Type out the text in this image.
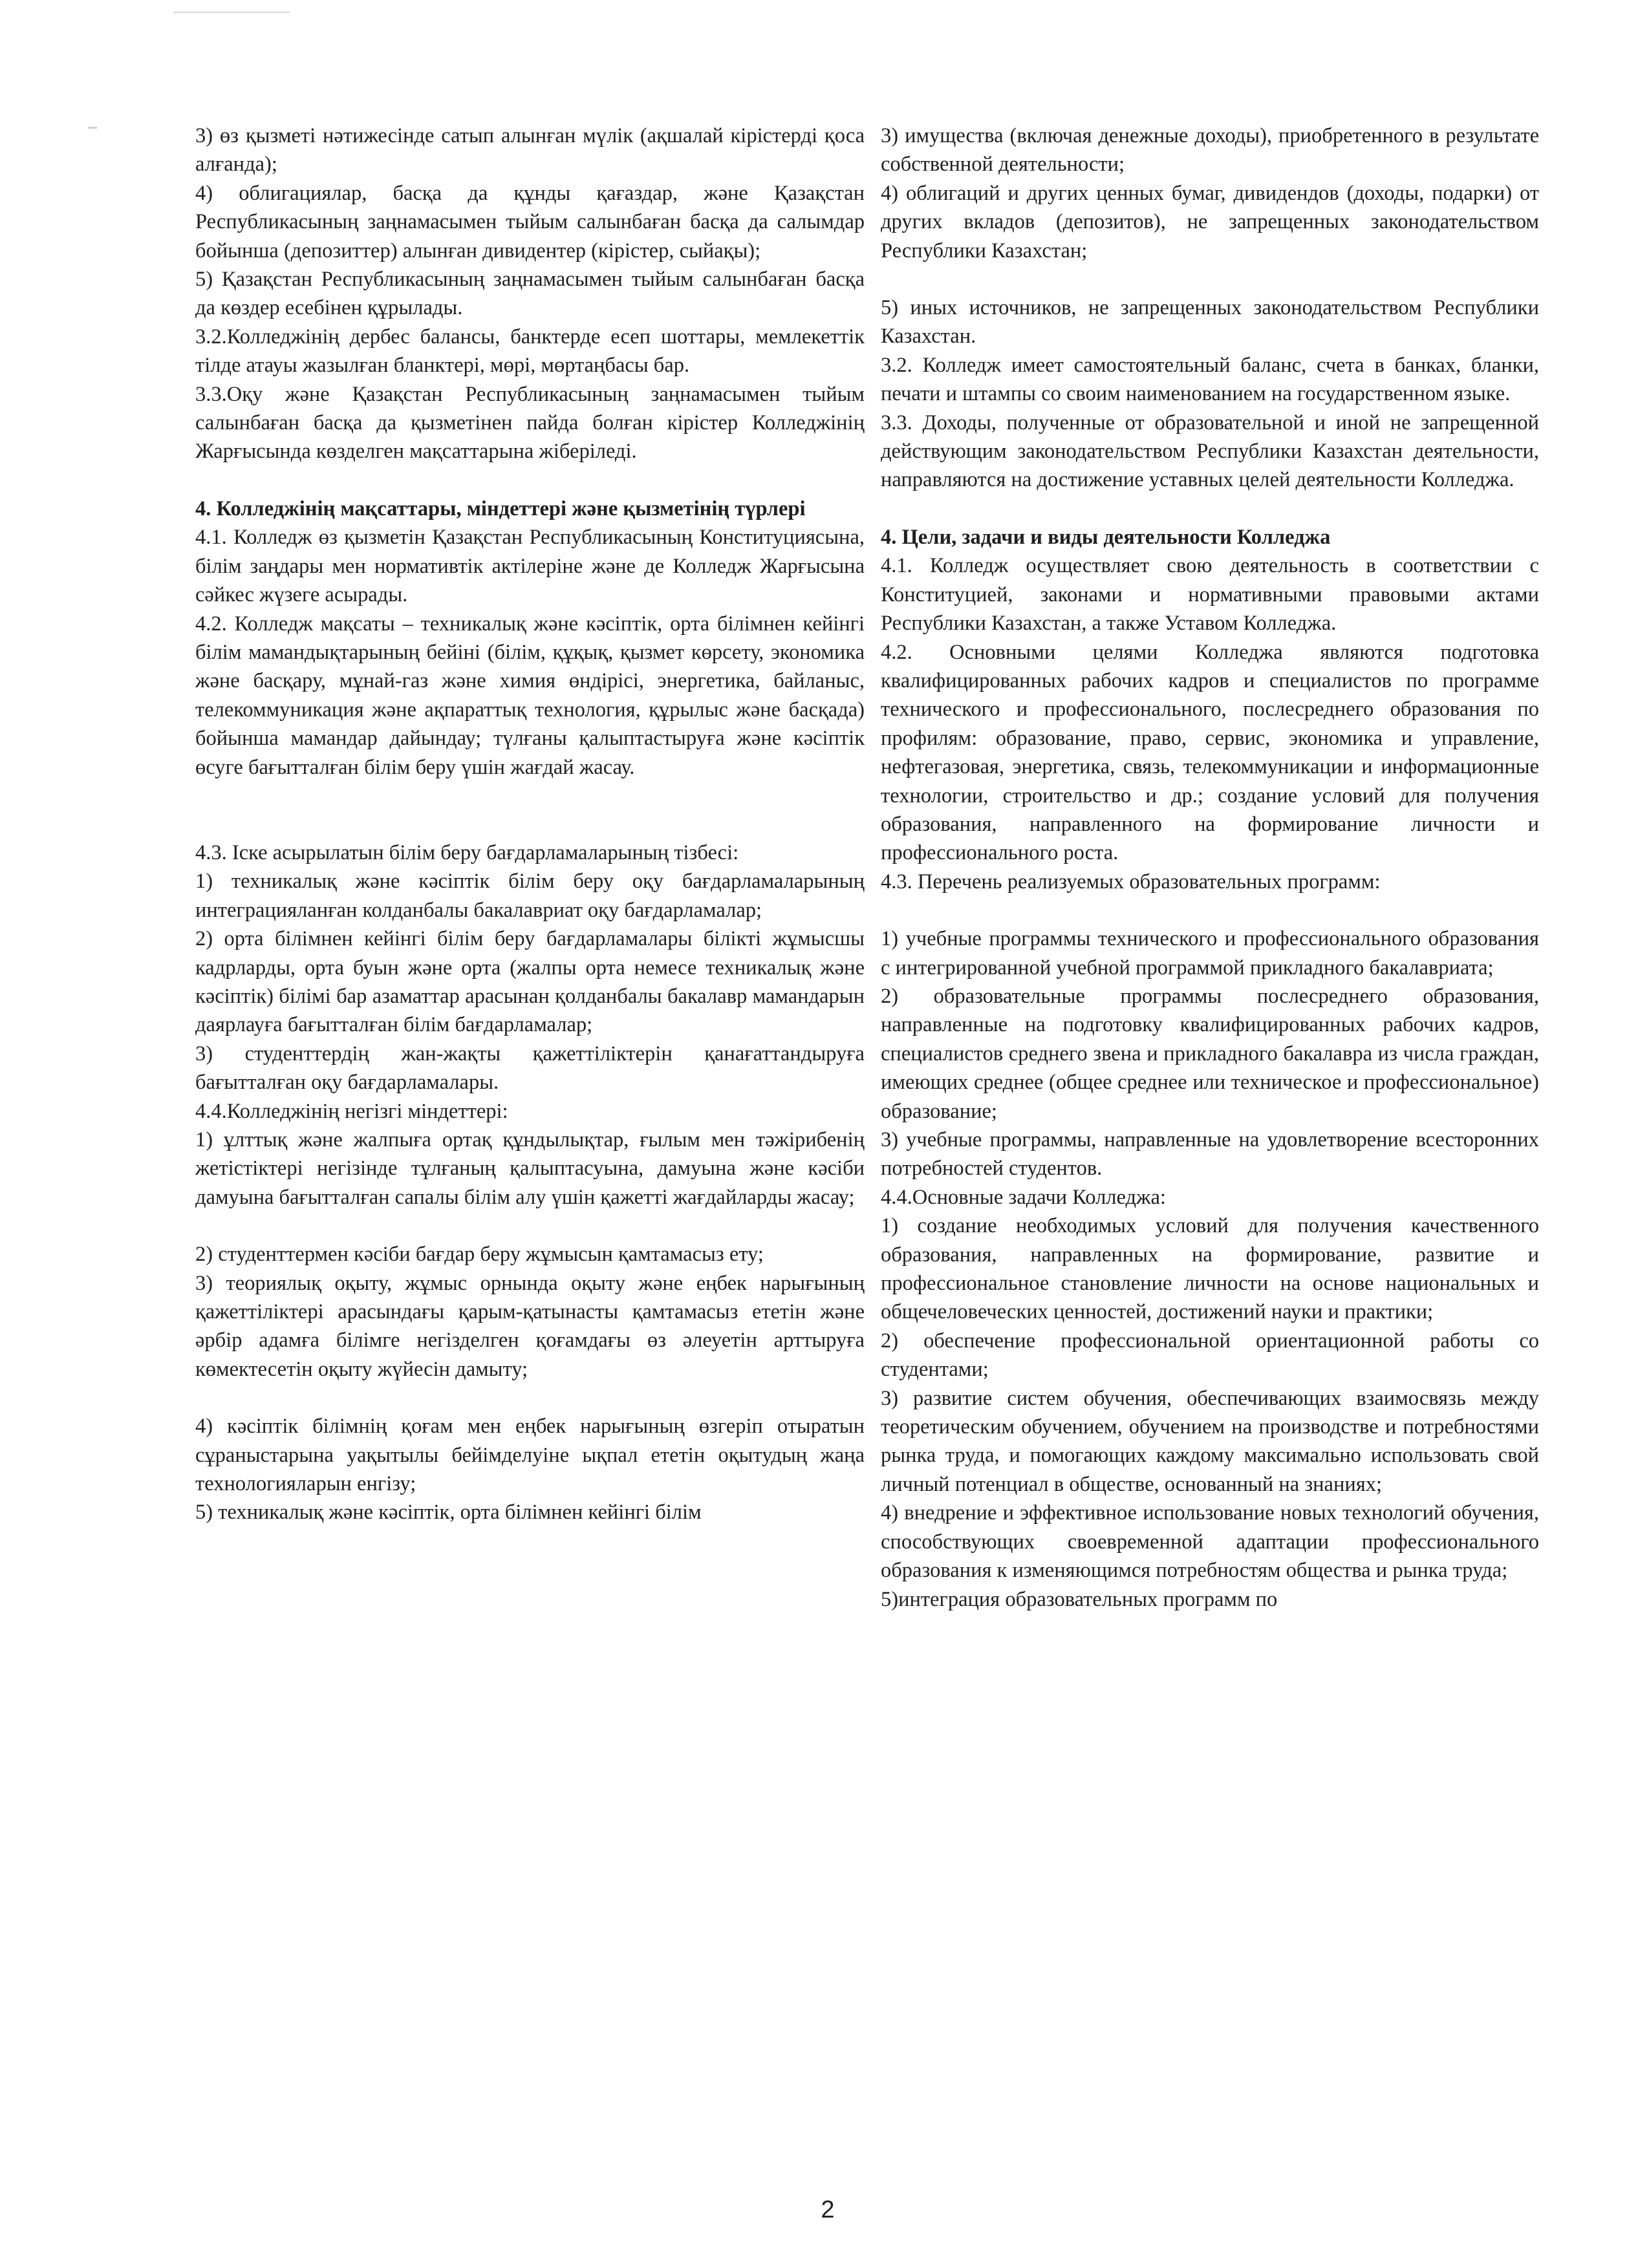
3) өз қызметі нәтижесінде сатып алынған мүлік (ақшалай кірістерді қоса алғанда);

4) облигациялар, басқа да құнды қағаздар, және Қазақстан Республикасының заңнамасымен тыйым салынбаған басқа да салымдар бойынша (депозиттер) алынған дивидентер (кірістер, сыйақы);

5) Қазақстан Республикасының заңнамасымен тыйым салынбаған басқа да көздер есебінен құрылады.

3.2.Колледжінің дербес балансы, банктерде есеп шоттары, мемлекеттік тілде атауы жазылған бланктері, мөрі, мөртаңбасы бар.

3.3.Оқу және Қазақстан Республикасының заңнамасымен тыйым салынбаған басқа да қызметінен пайда болған кірістер Колледжінің Жарғысында көзделген мақсаттарына жіберіледі.

4. Колледжінің мақсаттары, міндеттері және қызметінің түрлері

4.1. Колледж өз қызметін Қазақстан Республикасының Конституциясына, білім заңдары мен нормативтік актілеріне және де Колледж Жарғысына сәйкес жүзеге асырады.

4.2. Колледж мақсаты – техникалық және кәсіптік, орта білімнен кейінгі білім мамандықтарының бейіні (білім, құқық, қызмет көрсету, экономика және басқару, мұнай-газ және химия өндірісі, энергетика, байланыс, телекоммуникация және ақпараттық технология, құрылыс және басқада) бойынша мамандар дайындау; түлғаны қалыптастыруға және кәсіптік өсуге бағытталған білім беру үшін жағдай жасау.

4.3. Іске асырылатын білім беру бағдарламаларының тізбесі:

1) техникалық және кәсіптік білім беру оқу бағдарламаларының интеграцияланған колданбалы бакалавриат оқу бағдарламалар;

2) орта білімнен кейінгі білім беру бағдарламалары білікті жұмысшы кадрларды, орта буын және орта (жалпы орта немесе техникалық және кәсіптік) білімі бар азаматтар арасынан қолданбалы бакалавр мамандарын даярлауға бағытталған білім бағдарламалар;

3) студенттердің жан-жақты қажеттіліктерін қанағаттандыруға бағытталған оқу бағдарламалары.

4.4.Колледжінің негізгі міндеттері:

1) ұлттық және жалпыға ортақ құндылықтар, ғылым мен тәжірибенің жетістіктері негізінде тұлғаның қалыптасуына, дамуына және кәсіби дамуына бағытталған сапалы білім алу үшін қажетті жағдайларды жасау;

2) студенттермен кәсіби бағдар беру жұмысын қамтамасыз ету;

3) теориялық оқыту, жұмыс орнында оқыту және еңбек нарығының қажеттіліктері арасындағы қарым-қатынасты қамтамасыз ететін және әрбір адамға білімге негізделген қоғамдағы өз әлеуетін арттыруға көмектесетін оқыту жүйесін дамыту;

4) кәсіптік білімнің қоғам мен еңбек нарығының өзгеріп отыратын сұраныстарына уақытылы бейімделуіне ықпал ететін оқытудың жаңа технологияларын енгізу;

5) техникалық және кәсіптік, орта білімнен кейінгі білім

3) имущества (включая денежные доходы), приобретенного в результате собственной деятельности;

4) облигаций и других ценных бумаг, дивидендов (доходы, подарки) от других вкладов (депозитов), не запрещенных законодательством Республики Казахстан;

5) иных источников, не запрещенных законодательством Республики Казахстан.

3.2. Колледж имеет самостоятельный баланс, счета в банках, бланки, печати и штампы со своим наименованием на государственном языке.

3.3. Доходы, полученные от образовательной и иной не запрещенной действующим законодательством Республики Казахстан деятельности, направляются на достижение уставных целей деятельности Колледжа.

4. Цели, задачи и виды деятельности Колледжа

4.1. Колледж осуществляет свою деятельность в соответствии с Конституцией, законами и нормативными правовыми актами Республики Казахстан, а также Уставом Колледжа.

4.2. Основными целями Колледжа являются подготовка квалифицированных рабочих кадров и специалистов по программе технического и профессионального, послесреднего образования по профилям: образование, право, сервис, экономика и управление, нефтегазовая, энергетика, связь, телекоммуникации и информационные технологии, строительство и др.; создание условий для получения образования, направленного на формирование личности и профессионального роста.

4.3. Перечень реализуемых образовательных программ:

1) учебные программы технического и профессионального образования с интегрированной учебной программой прикладного бакалавриата;

2) образовательные программы послесреднего образования, направленные на подготовку квалифицированных рабочих кадров, специалистов среднего звена и прикладного бакалавра из числа граждан, имеющих среднее (общее среднее или техническое и профессиональное) образование;

3) учебные программы, направленные на удовлетворение всесторонних потребностей студентов.

4.4.Основные задачи Колледжа:

1) создание необходимых условий для получения качественного образования, направленных на формирование, развитие и профессиональное становление личности на основе национальных и общечеловеческих ценностей, достижений науки и практики;

2) обеспечение профессиональной ориентационной работы со студентами;

3) развитие систем обучения, обеспечивающих взаимосвязь между теоретическим обучением, обучением на производстве и потребностями рынка труда, и помогающих каждому максимально использовать свой личный потенциал в обществе, основанный на знаниях;

4) внедрение и эффективное использование новых технологий обучения, способствующих своевременной адаптации профессионального образования к изменяющимся потребностям общества и рынка труда;

5)интеграция образовательных программ по

2
